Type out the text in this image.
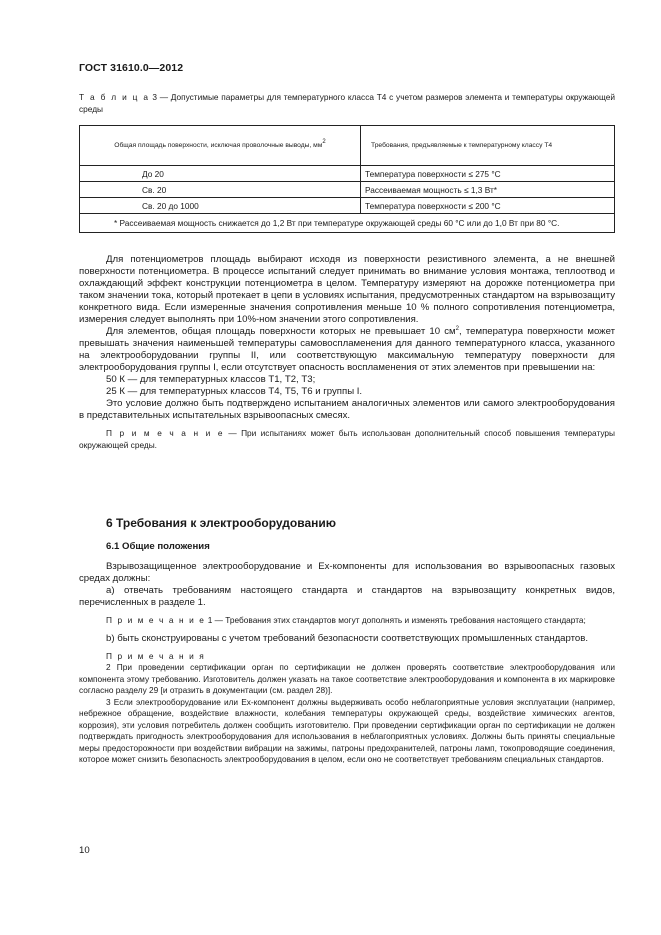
ГОСТ 31610.0—2012
Т а б л и ц а 3 — Допустимые параметры для температурного класса Т4 с учетом размеров элемента и температуры окружающей среды
Общая площадь поверхности, исключая проволочные выводы, $мм^2$	Требования, предъявляемые к температурному классу Т4
До 20	Температура поверхности ≤ 275 °С
Св. 20	Рассеиваемая мощность ≤ 1,3 Вт*
Св. 20 до 1000	Температура поверхности ≤ 200 °С
* Рассеиваемая мощность снижается до 1,2 Вт при температуре окружающей среды 60 °С или до 1,0 Вт при 80 °С.	

Для потенциометров площадь выбирают исходя из поверхности резистивного элемента, а не внешней поверхности потенциометра. В процессе испытаний следует принимать во внимание условия монтажа, теплоотвод и охлаждающий эффект конструкции потенциометра в целом. Температуру измеряют на дорожке потенциометра при таком значении тока, который протекает в цепи в условиях испытания, предусмотренных стандартом на взрывозащиту конкретного вида. Если измеренные значения сопротивления меньше 10 % полного сопротивления потенциометра, измерения следует выполнять при 10%-ном значении этого сопротивления.

Для элементов, общая площадь поверхности которых не превышает 10 $см^2$, температура поверхности может превышать значения наименьшей температуры самовоспламенения для данного температурного класса, указанного на электрооборудовании группы II, или соответствующую максимальную температуру поверхности для электрооборудования группы I, если отсутствует опасность воспламенения от этих элементов при превышении на:

50 К — для температурных классов Т1, Т2, Т3;

25 К — для температурных классов Т4, Т5, Т6 и группы I.

Это условие должно быть подтверждено испытанием аналогичных элементов или самого электрооборудования в представительных испытательных взрывоопасных смесях.

П р и м е ч а н и е — При испытаниях может быть использован дополнительный способ повышения температуры окружающей среды.

6 Требования к электрооборудованию
6.1 Общие положения

Взрывозащищенное электрооборудование и Ex-компоненты для использования во взрывоопасных газовых средах должны:

a) отвечать требованиям настоящего стандарта и стандартов на взрывозащиту конкретных видов, перечисленных в разделе 1.

П р и м е ч а н и е 1 — Требования этих стандартов могут дополнять и изменять требования настоящего стандарта;

b) быть сконструированы с учетом требований безопасности соответствующих промышленных стандартов.

П р и м е ч а н и я

2 При проведении сертификации орган по сертификации не должен проверять соответствие электрооборудования или компонента этому требованию. Изготовитель должен указать на такое соответствие электрооборудования и компонента в их маркировке согласно разделу 29 [и отразить в документации (см. раздел 28)].

3 Если электрооборудование или Ex-компонент должны выдерживать особо неблагоприятные условия эксплуатации (например, небрежное обращение, воздействие влажности, колебания температуры окружающей среды, воздействие химических агентов, коррозия), эти условия потребитель должен сообщить изготовителю. При проведении сертификации орган по сертификации не должен подтверждать пригодность электрооборудования для использования в неблагоприятных условиях. Должны быть приняты специальные меры предосторожности при воздействии вибрации на зажимы, патроны предохранителей, патроны ламп, токопроводящие соединения, которое может снизить безопасность электрооборудования в целом, если оно не соответствует требованиям специальных стандартов.

10
